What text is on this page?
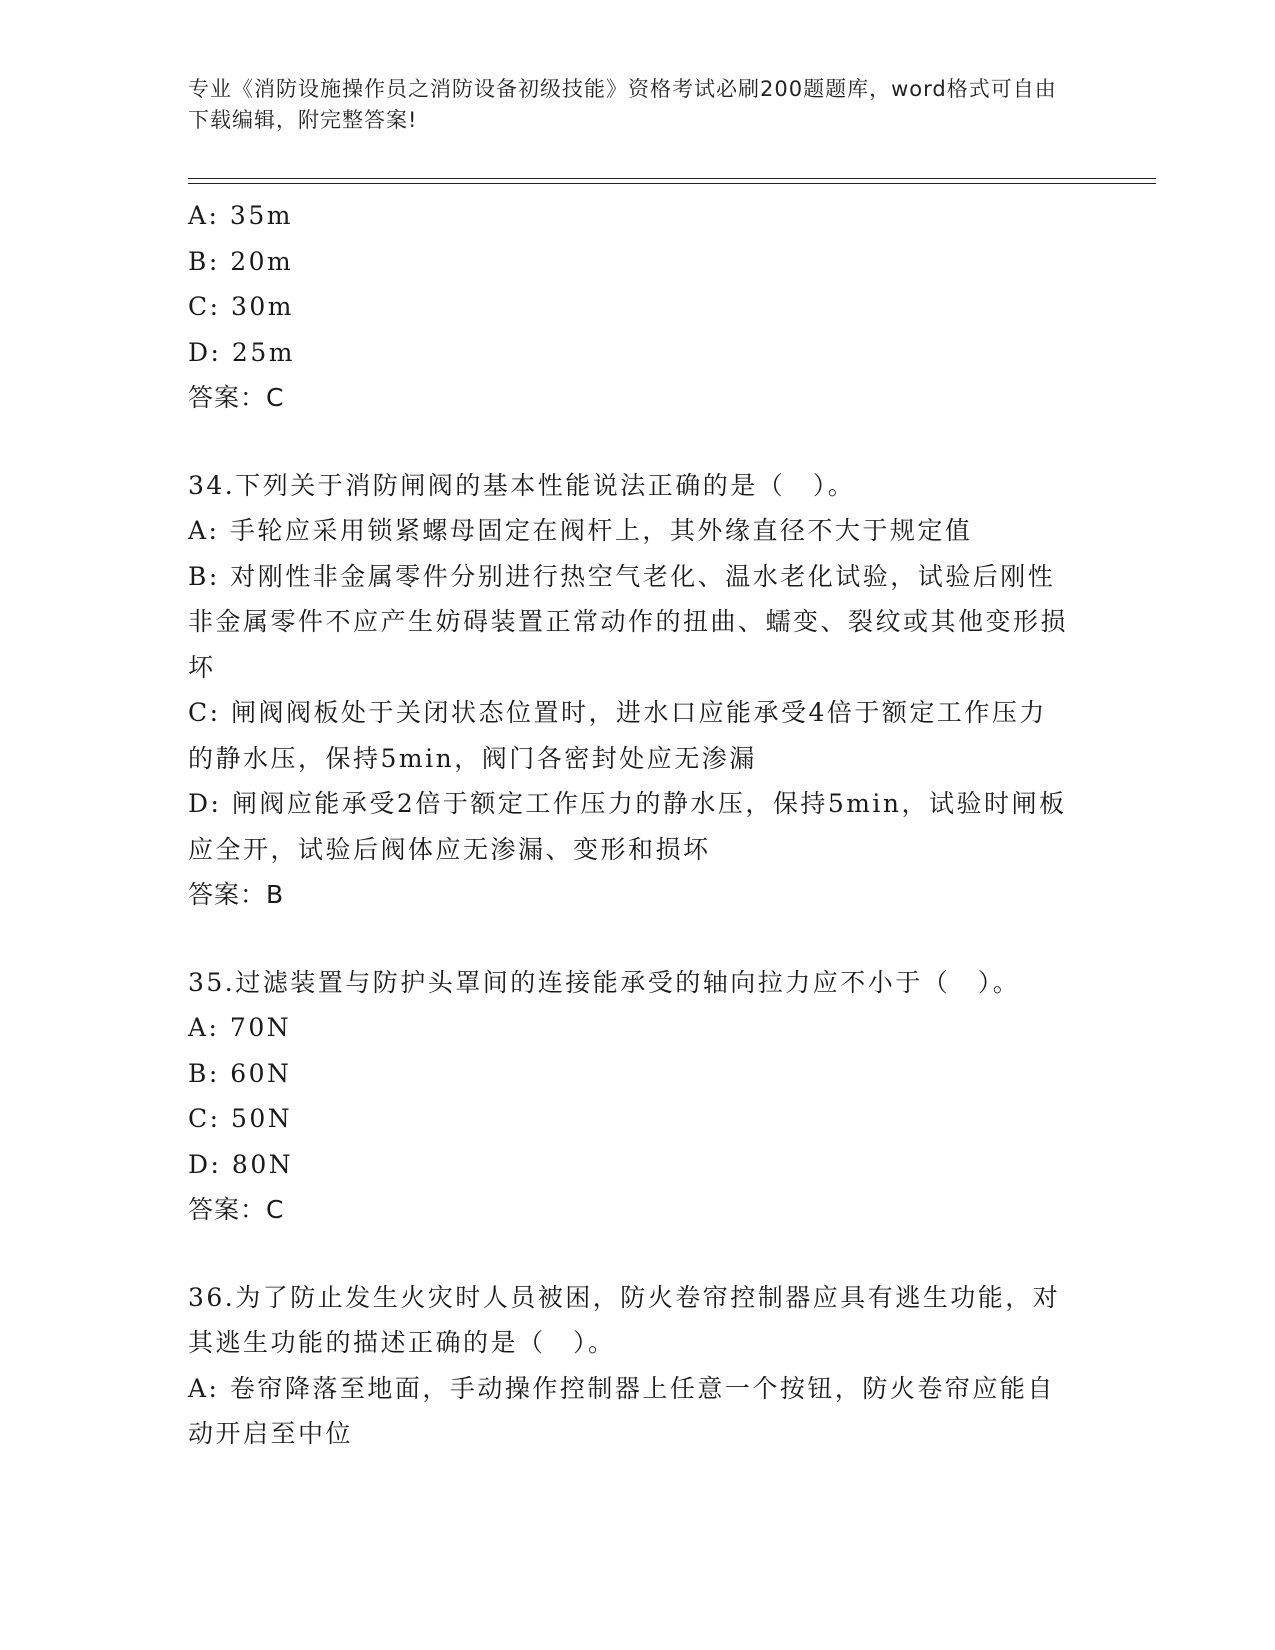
专业《消防设施操作员之消防设备初级技能》资格考试必刷200题题库，word格式可自由下载编辑，附完整答案!
A: 35m
B: 20m
C: 30m
D: 25m
答案：C
34.下列关于消防闸阀的基本性能说法正确的是（　）。
A: 手轮应采用锁紧螺母固定在阀杆上，其外缘直径不大于规定值
B: 对刚性非金属零件分别进行热空气老化、温水老化试验，试验后刚性非金属零件不应产生妨碍装置正常动作的扭曲、蠕变、裂纹或其他变形损坏
C: 闸阀阀板处于关闭状态位置时，进水口应能承受4倍于额定工作压力的静水压，保持5min，阀门各密封处应无渗漏
D: 闸阀应能承受2倍于额定工作压力的静水压，保持5min，试验时闸板应全开，试验后阀体应无渗漏、变形和损坏
答案：B
35.过滤装置与防护头罩间的连接能承受的轴向拉力应不小于（　）。
A: 70N
B: 60N
C: 50N
D: 80N
答案：C
36.为了防止发生火灾时人员被困，防火卷帘控制器应具有逃生功能，对其逃生功能的描述正确的是（　）。
A: 卷帘降落至地面，手动操作控制器上任意一个按钮，防火卷帘应能自动开启至中位
